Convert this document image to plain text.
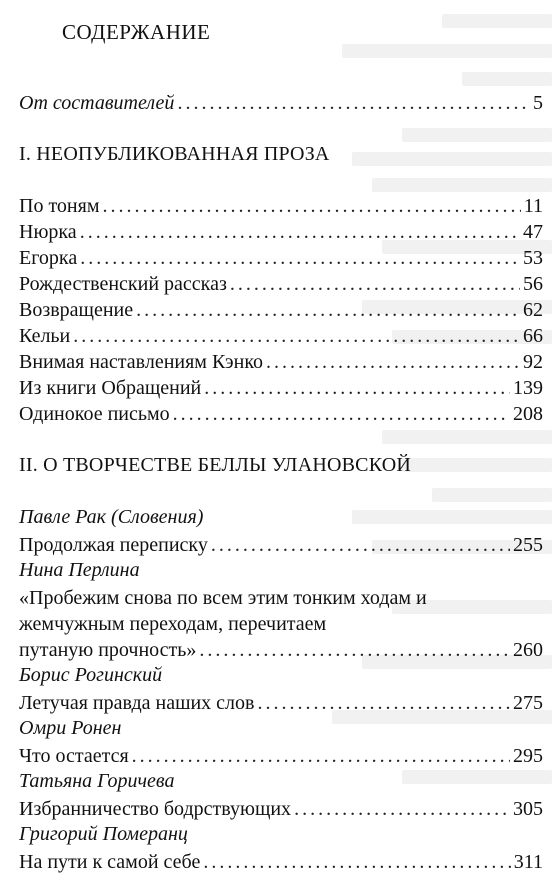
СОДЕРЖАНИЕ
От составителей . . .	5
I. НЕОПУБЛИКОВАННАЯ ПРОЗА
По тоням . . .	11
Нюрка . . .	47
Егорка . . .	53
Рождественский рассказ . . .	56
Возвращение . . .	62
Кельи . . .	66
Внимая наставлениям Кэнко . . .	92
Из книги Обращений . . .	139
Одинокое письмо . . .	208
II. О ТВОРЧЕСТВЕ БЕЛЛЫ УЛАНОВСКОЙ
Павле Рак (Словения)
Продолжая переписку . . .	255
Нина Перлина
«Пробежим снова по всем этим тонким ходам и
жемчужным переходам, перечитаем
путаную прочность» . . .	260
Борис Рогинский
Летучая правда наших слов . . .	275
Омри Ронен
Что остается . . .	295
Татьяна Горичева
Избранничество бодрствующих . . .	305
Григорий Померанц
На пути к самой себе . . .	311
